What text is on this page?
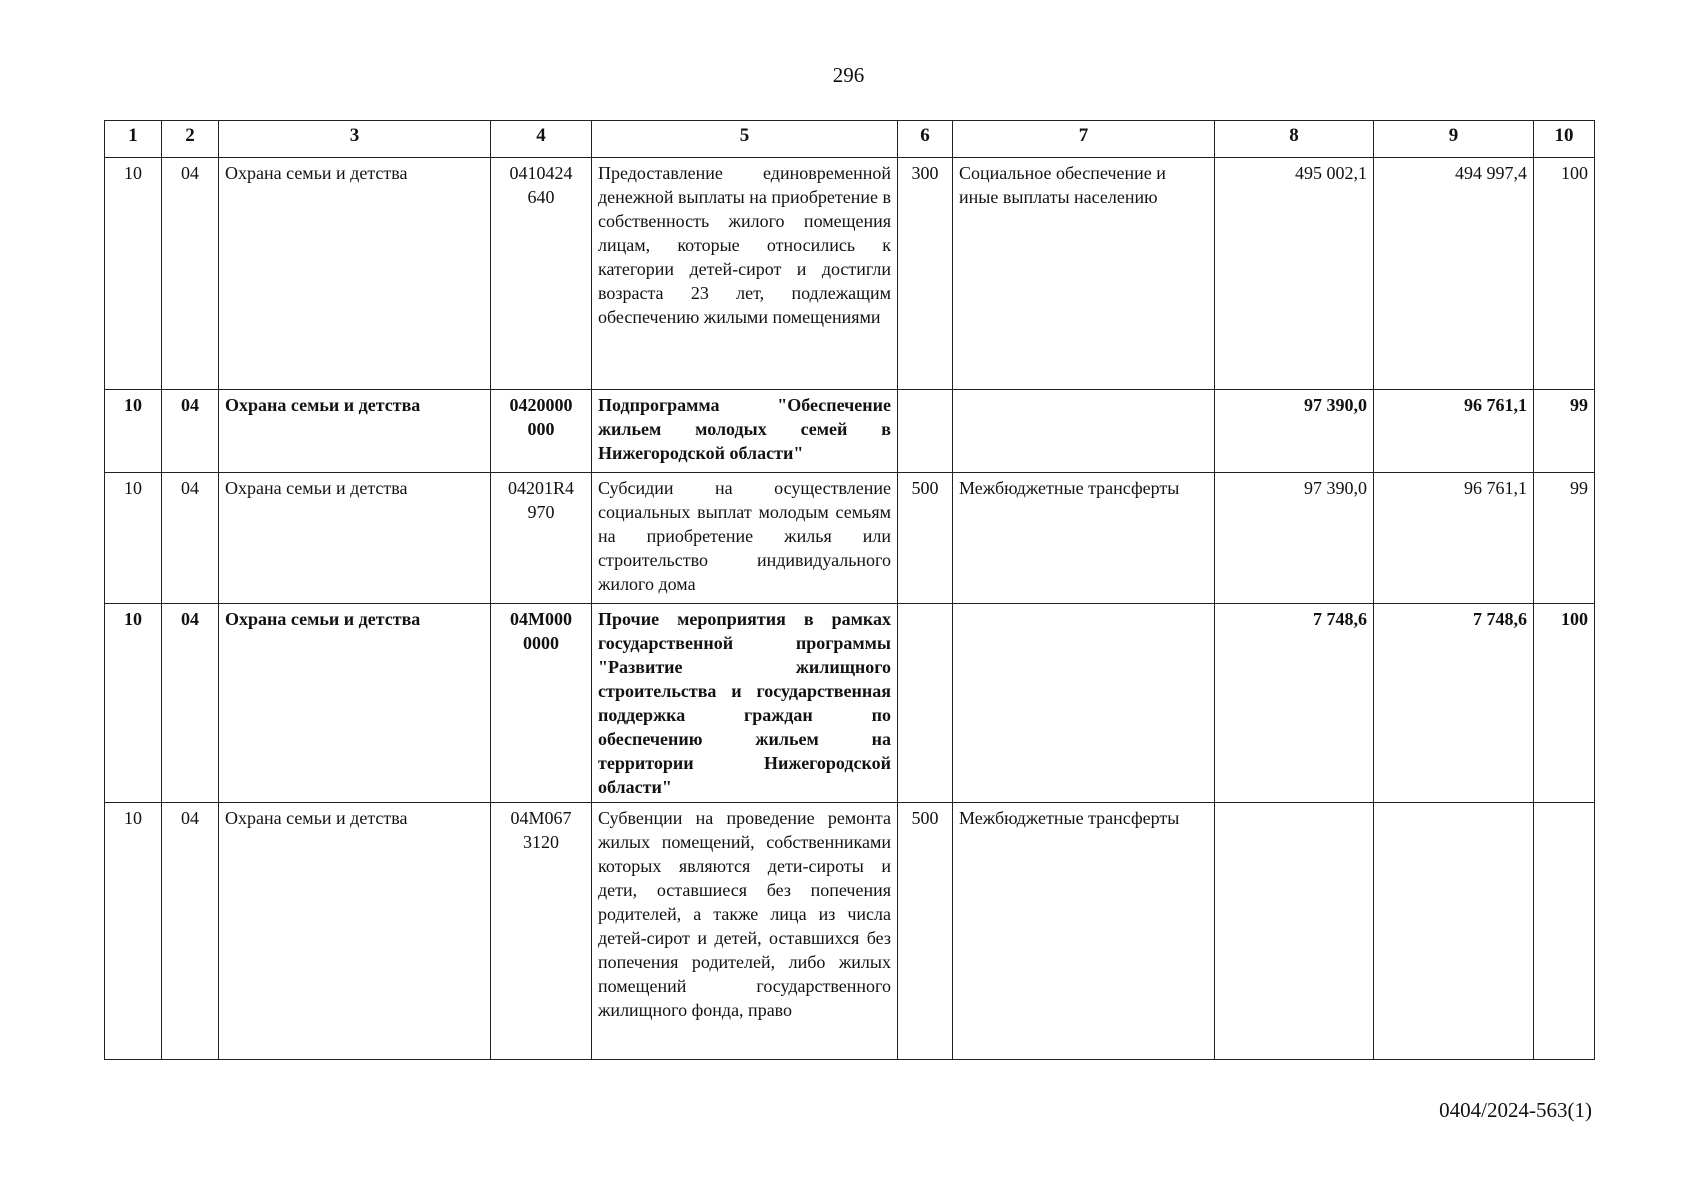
296
1	2	3	4	5	6	7	8	9	10
10	04	Охрана семьи и детства	0410424 640	Предоставление единовременной денежной выплаты на приобретение в собственность жилого помещения лицам, которые относились к категории детей-сирот и достигли возраста 23 лет, подлежащим обеспечению жилыми помещениями	300	Социальное обеспечение и иные выплаты населению	495 002,1	494 997,4	100
10	04	Охрана семьи и детства	0420000 000	Подпрограмма "Обеспечение жильем молодых семей в Нижегородской области"			97 390,0	96 761,1	99
10	04	Охрана семьи и детства	04201R4 970	Субсидии на осуществление социальных выплат молодым семьям на приобретение жилья или строительство индивидуального жилого дома	500	Межбюджетные трансферты	97 390,0	96 761,1	99
10	04	Охрана семьи и детства	04М000 0000	Прочие мероприятия в рамках государственной программы "Развитие жилищного строительства и государственная поддержка граждан по обеспечению жильем на территории Нижегородской области"			7 748,6	7 748,6	100
10	04	Охрана семьи и детства	04М067 3120	Субвенции на проведение ремонта жилых помещений, собственниками которых являются дети-сироты и дети, оставшиеся без попечения родителей, а также лица из числа детей-сирот и детей, оставшихся без попечения родителей, либо жилых помещений государственного жилищного фонда, право	500	Межбюджетные трансферты			
0404/2024-563(1)
